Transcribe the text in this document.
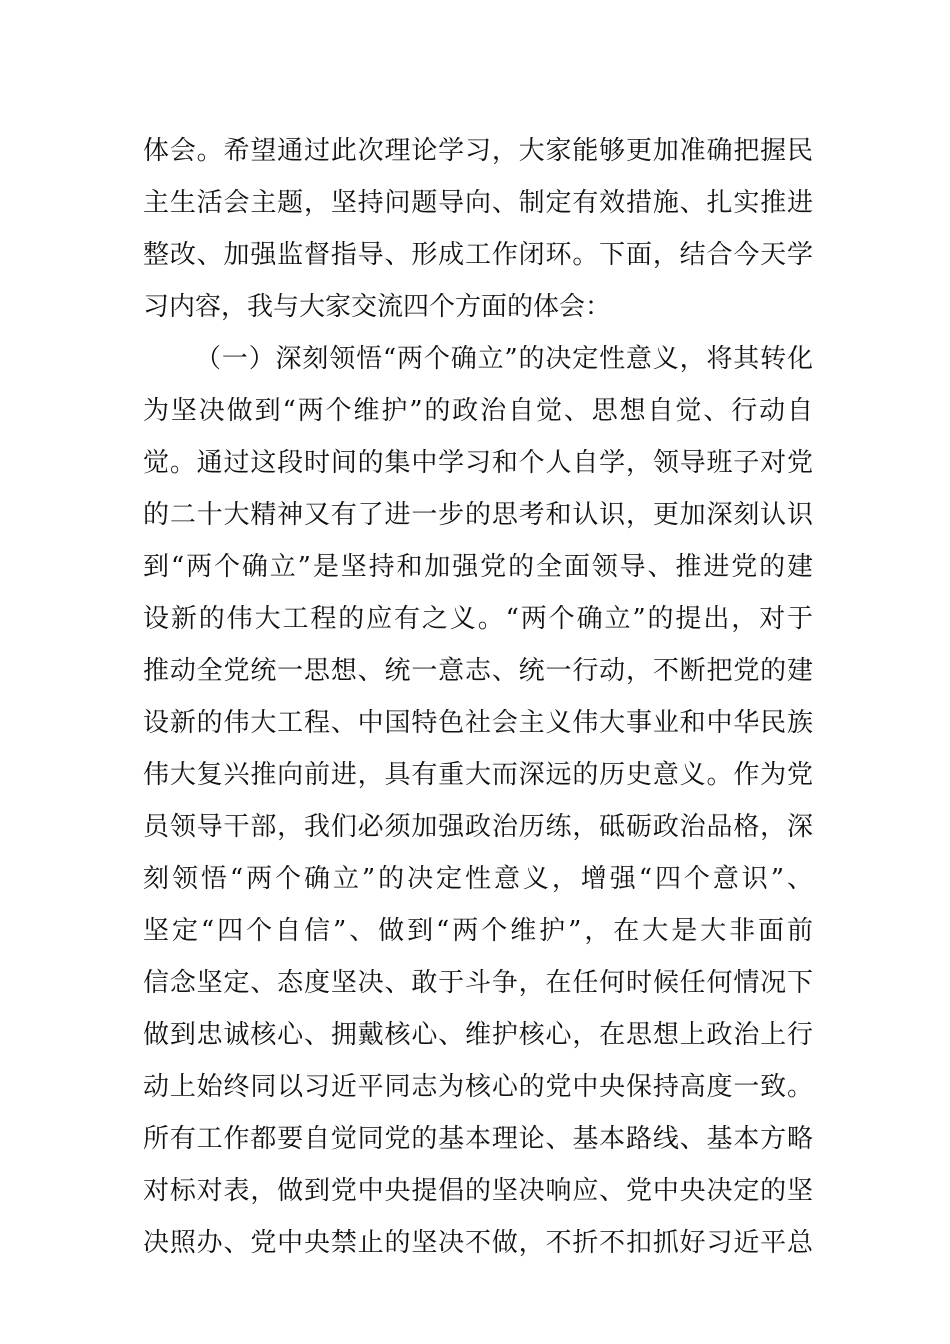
体会。希望通过此次理论学习，大家能够更加准确把握民
主生活会主题，坚持问题导向、制定有效措施、扎实推进
整改、加强监督指导、形成工作闭环。下面，结合今天学
习内容，我与大家交流四个方面的体会：
（一）深刻领悟“两个确立”的决定性意义，将其转化
为坚决做到“两个维护”的政治自觉、思想自觉、行动自
觉。通过这段时间的集中学习和个人自学，领导班子对党
的二十大精神又有了进一步的思考和认识，更加深刻认识
到“两个确立”是坚持和加强党的全面领导、推进党的建
设新的伟大工程的应有之义。“两个确立”的提出，对于
推动全党统一思想、统一意志、统一行动，不断把党的建
设新的伟大工程、中国特色社会主义伟大事业和中华民族
伟大复兴推向前进，具有重大而深远的历史意义。作为党
员领导干部，我们必须加强政治历练，砥砺政治品格，深
刻领悟“两个确立”的决定性意义，增强“四个意识”、
坚定“四个自信”、做到“两个维护”，在大是大非面前
信念坚定、态度坚决、敢于斗争，在任何时候任何情况下
做到忠诚核心、拥戴核心、维护核心，在思想上政治上行
动上始终同以习近平同志为核心的党中央保持高度一致。
所有工作都要自觉同党的基本理论、基本路线、基本方略
对标对表，做到党中央提倡的坚决响应、党中央决定的坚
决照办、党中央禁止的坚决不做，不折不扣抓好习近平总
